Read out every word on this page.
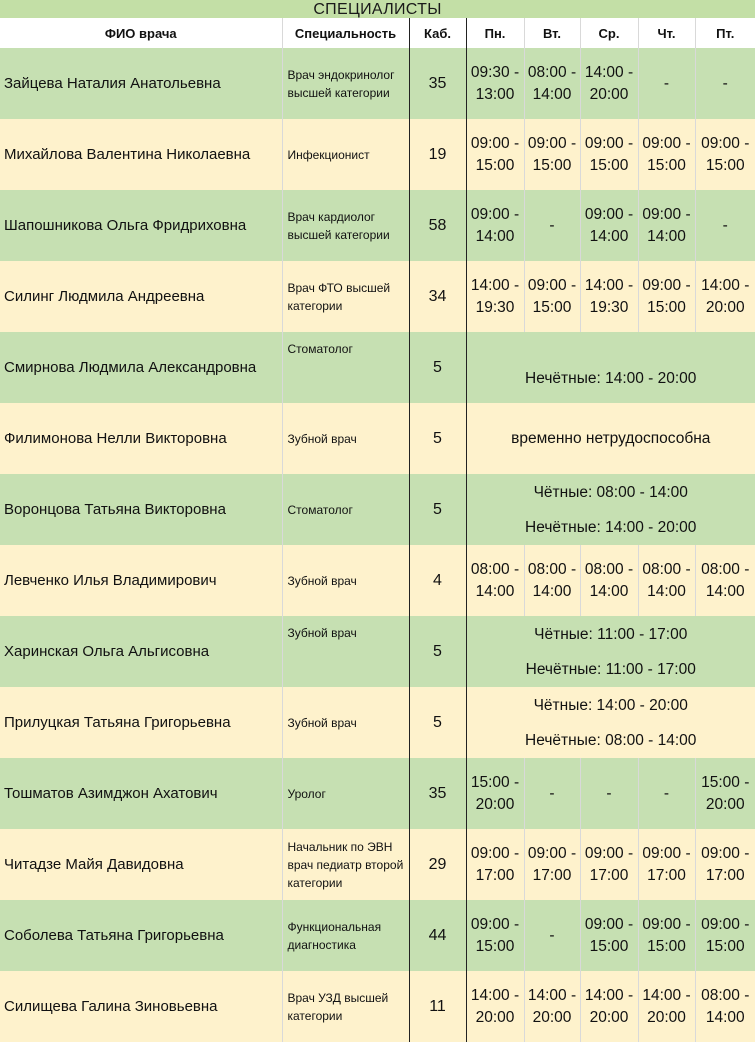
СПЕЦИАЛИСТЫ
ФИО врача	Специальность	Каб.	Пн.	Вт.	Ср.	Чт.	Пт.
Зайцева Наталия Анатольевна	Врач эндокринолог высшей категории	35	09:30 - 13:00	08:00 - 14:00	14:00 - 20:00	-	-
Михайлова Валентина Николаевна	Инфекционист	19	09:00 - 15:00	09:00 - 15:00	09:00 - 15:00	09:00 - 15:00	09:00 - 15:00
Шапошникова Ольга Фридриховна	Врач кардиолог высшей категории	58	09:00 - 14:00	-	09:00 - 14:00	09:00 - 14:00	-
Силинг Людмила Андреевна	Врач ФТО высшей категории	34	14:00 - 19:30	09:00 - 15:00	14:00 - 19:30	09:00 - 15:00	14:00 - 20:00
Смирнова Людмила Александровна	Стоматолог	5	Нечётные: 14:00 - 20:00				

Филимонова Нелли Викторовна	Зубной врач	5	временно нетрудоспособна				

Воронцова Татьяна Викторовна	Стоматолог	5	Чётные: 08:00 - 14:00
Нечётные: 14:00 - 20:00				

Левченко Илья Владимирович	Зубной врач	4	08:00 - 14:00	08:00 - 14:00	08:00 - 14:00	08:00 - 14:00	08:00 - 14:00
Харинская Ольга Альгисовна	Зубной врач	5	Чётные: 11:00 - 17:00
Нечётные: 11:00 - 17:00				

Прилуцкая Татьяна Григорьевна	Зубной врач	5	Чётные: 14:00 - 20:00
Нечётные: 08:00 - 14:00				

Тошматов Азимджон Ахатович	Уролог	35	15:00 - 20:00	-	-	-	15:00 - 20:00
Читадзе Майя Давидовна	Начальник по ЭВН врач педиатр второй категории	29	09:00 - 17:00	09:00 - 17:00	09:00 - 17:00	09:00 - 17:00	09:00 - 17:00
Соболева Татьяна Григорьевна	Функциональная диагностика	44	09:00 - 15:00	-	09:00 - 15:00	09:00 - 15:00	09:00 - 15:00
Силищева Галина Зиновьевна	Врач УЗД высшей категории	11	14:00 - 20:00	14:00 - 20:00	14:00 - 20:00	14:00 - 20:00	08:00 - 14:00
